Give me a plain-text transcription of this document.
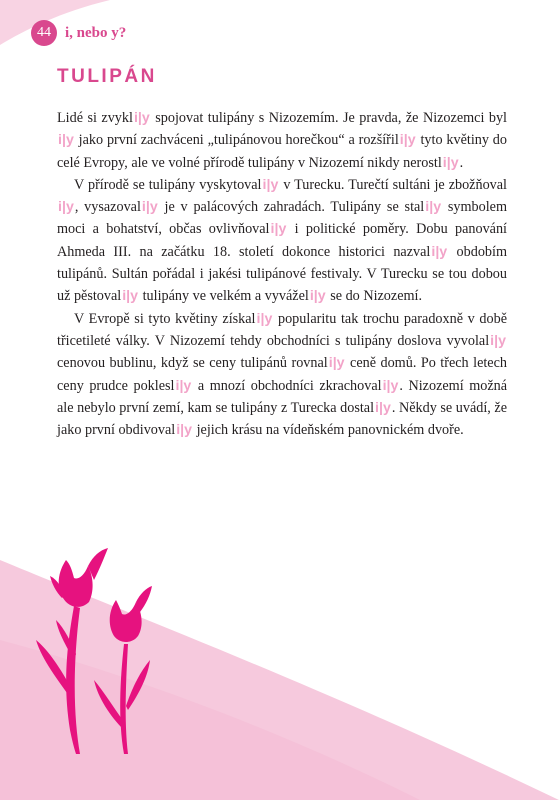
44 i, nebo y?
TULIPÁN

Lidé si zvykli|y spojovat tulipány s Nizozemím. Je pravda, že Nizozemci byli|y jako první zachváceni „tulipánovou horečkou“ a rozšířili|y tyto květiny do celé Evropy, ale ve volné přírodě tulipány v Nizozemí nikdy nerostli|y.

V přírodě se tulipány vyskytovali|y v Turecku. Turečtí sultáni je zbožňovali|y, vysazovali|y je v palácových zahradách. Tulipány se stali|y symbolem moci a bohatství, občas ovlivňovali|y i politické poměry. Dobu panování Ahmeda III. na začátku 18. století dokonce historici nazvali|y obdobím tulipánů. Sultán pořádal i jakési tulipánové festivaly. V Turecku se tou dobou už pěstovali|y tulipány ve velkém a vyváželi|y se do Nizozemí.

V Evropě si tyto květiny získali|y popularitu tak trochu paradoxně v době třicetileté války. V Nizozemí tehdy obchodníci s tulipány doslova vyvolali|y cenovou bublinu, když se ceny tulipánů rovnali|y ceně domů. Po třech letech ceny prudce poklesli|y a mnozí obchodníci zkrachovali|y. Nizozemí možná ale nebylo první zemí, kam se tulipány z Turecka dostali|y. Někdy se uvádí, že jako první obdivovali|y jejich krásu na vídeňském panovnickém dvoře.
